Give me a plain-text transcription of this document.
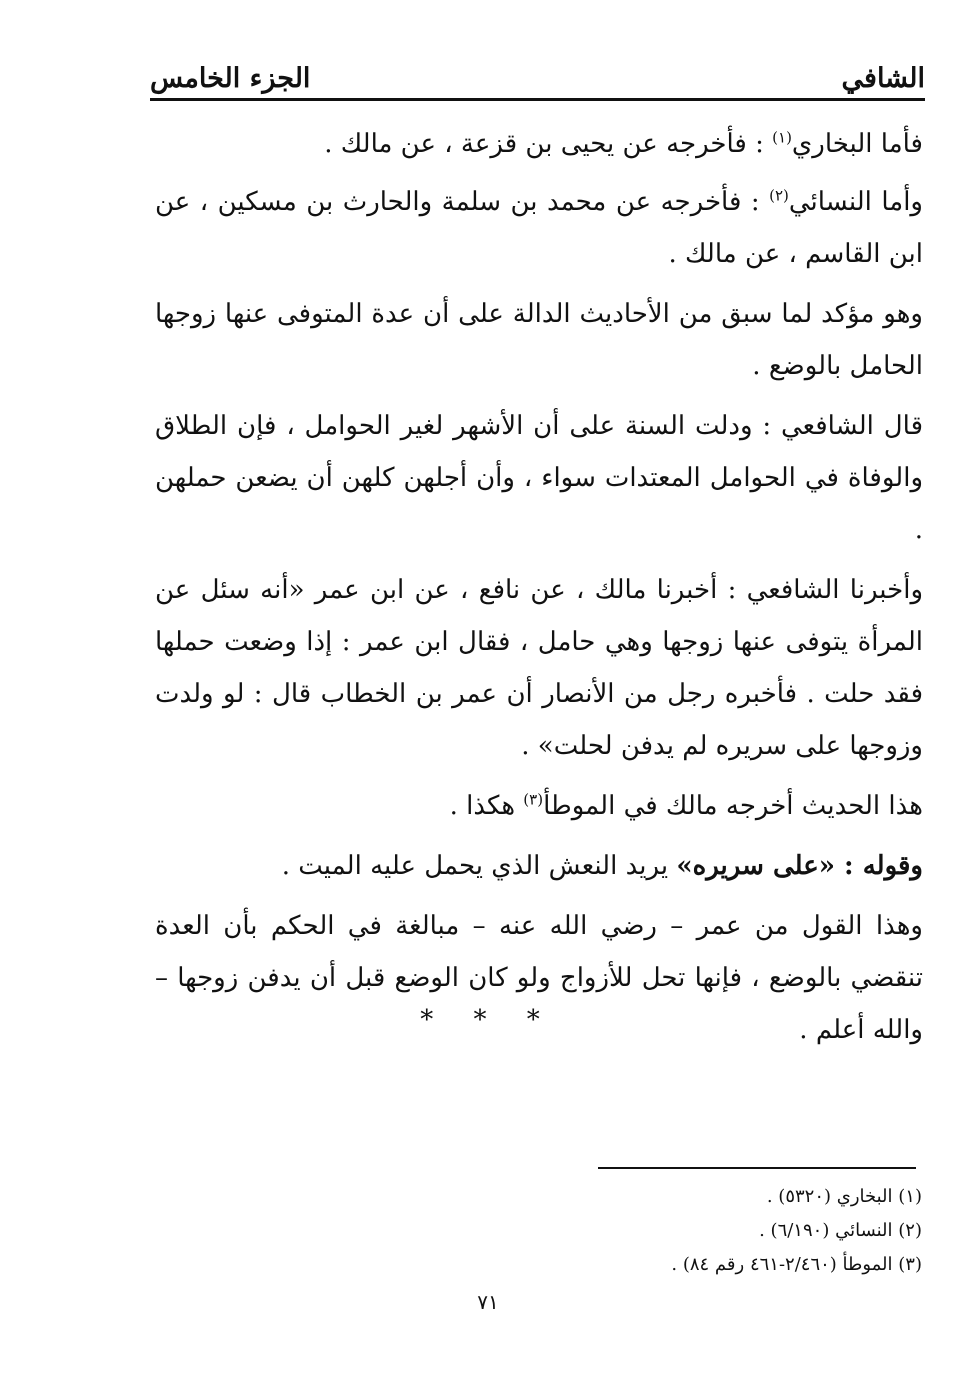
الشافي
الجزء الخامس

فأما البخاري$^{(١)}$ : فأخرجه عن يحيى بن قزعة ، عن مالك .

وأما النسائي$^{(٢)}$ : فأخرجه عن محمد بن سلمة والحارث بن مسكين ، عن ابن القاسم ، عن مالك .

وهو مؤكد لما سبق من الأحاديث الدالة على أن عدة المتوفى عنها زوجها الحامل بالوضع .

قال الشافعي : ودلت السنة على أن الأشهر لغير الحوامل ، فإن الطلاق والوفاة في الحوامل المعتدات سواء ، وأن أجلهن كلهن أن يضعن حملهن .

وأخبرنا الشافعي : أخبرنا مالك ، عن نافع ، عن ابن عمر «أنه سئل عن المرأة يتوفى عنها زوجها وهي حامل ، فقال ابن عمر : إذا وضعت حملها فقد حلت . فأخبره رجل من الأنصار أن عمر بن الخطاب قال : لو ولدت وزوجها على سريره لم يدفن لحلت» .

هذا الحديث أخرجه مالك في الموطأ$^{(٣)}$ هكذا .

وقوله : «على سريره» يريد النعش الذي يحمل عليه الميت .

وهذا القول من عمر – رضي الله عنه – مبالغة في الحكم بأن العدة تنقضي بالوضع ، فإنها تحل للأزواج ولو كان الوضع قبل أن يدفن زوجها – والله أعلم .

* * *
(١) البخاري (٥٣٢٠) .
(٢) النسائي (٦/١٩٠) .
(٣) الموطأ (٢/٤٦٠-٤٦١ رقم ٨٤) .
٧١
